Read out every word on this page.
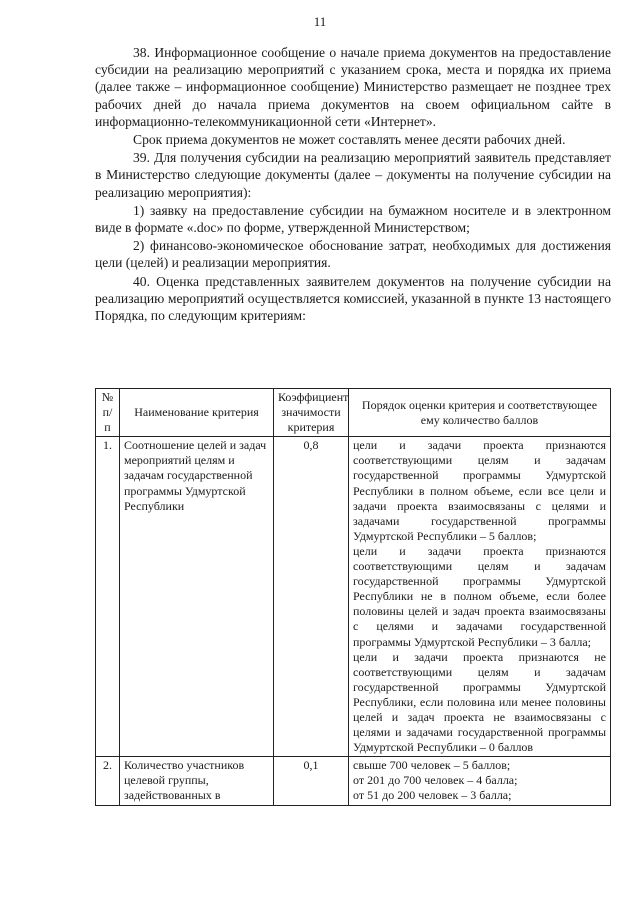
11

38. Информационное сообщение о начале приема документов на предоставление субсидии на реализацию мероприятий с указанием срока, места и порядка их приема (далее также – информационное сообщение) Министерство размещает не позднее трех рабочих дней до начала приема документов на своем официальном сайте в информационно-телекоммуникационной сети «Интернет».

Срок приема документов не может составлять менее десяти рабочих дней.

39. Для получения субсидии на реализацию мероприятий заявитель представляет в Министерство следующие документы (далее – документы на получение субсидии на реализацию мероприятия):

1) заявку на предоставление субсидии на бумажном носителе и в электронном виде в формате «.doc» по форме, утвержденной Министерством;

2) финансово-экономическое обоснование затрат, необходимых для достижения цели (целей) и реализации мероприятия.

40. Оценка представленных заявителем документов на получение субсидии на реализацию мероприятий осуществляется комиссией, указанной в пункте 13 настоящего Порядка, по следующим критериям:

№ п/п	Наименование критерия	Коэффициент значимости критерия	Порядок оценки критерия и соответствующее ему количество баллов
1.	Соотношение целей и задач мероприятий целям и задачам государственной программы Удмуртской Республики	0,8	цели и задачи проекта признаются соответствующими целям и задачам государственной программы Удмуртской Республики в полном объеме, если все цели и задачи проекта взаимосвязаны с целями и задачами государственной программы Удмуртской Республики – 5 баллов;
цели и задачи проекта признаются соответствующими целям и задачам государственной программы Удмуртской Республики не в полном объеме, если более половины целей и задач проекта взаимосвязаны с целями и задачами государственной программы Удмуртской Республики – 3 балла;
цели и задачи проекта признаются не соответствующими целям и задачам государственной программы Удмуртской Республики, если половина или менее половины целей и задач проекта не взаимосвязаны с целями и задачами государственной программы Удмуртской Республики – 0 баллов

2.	Количество участников целевой группы, задействованных в	0,1	свыше 700 человек – 5 баллов;
от 201 до 700 человек – 4 балла;
от 51 до 200 человек – 3 балла;
